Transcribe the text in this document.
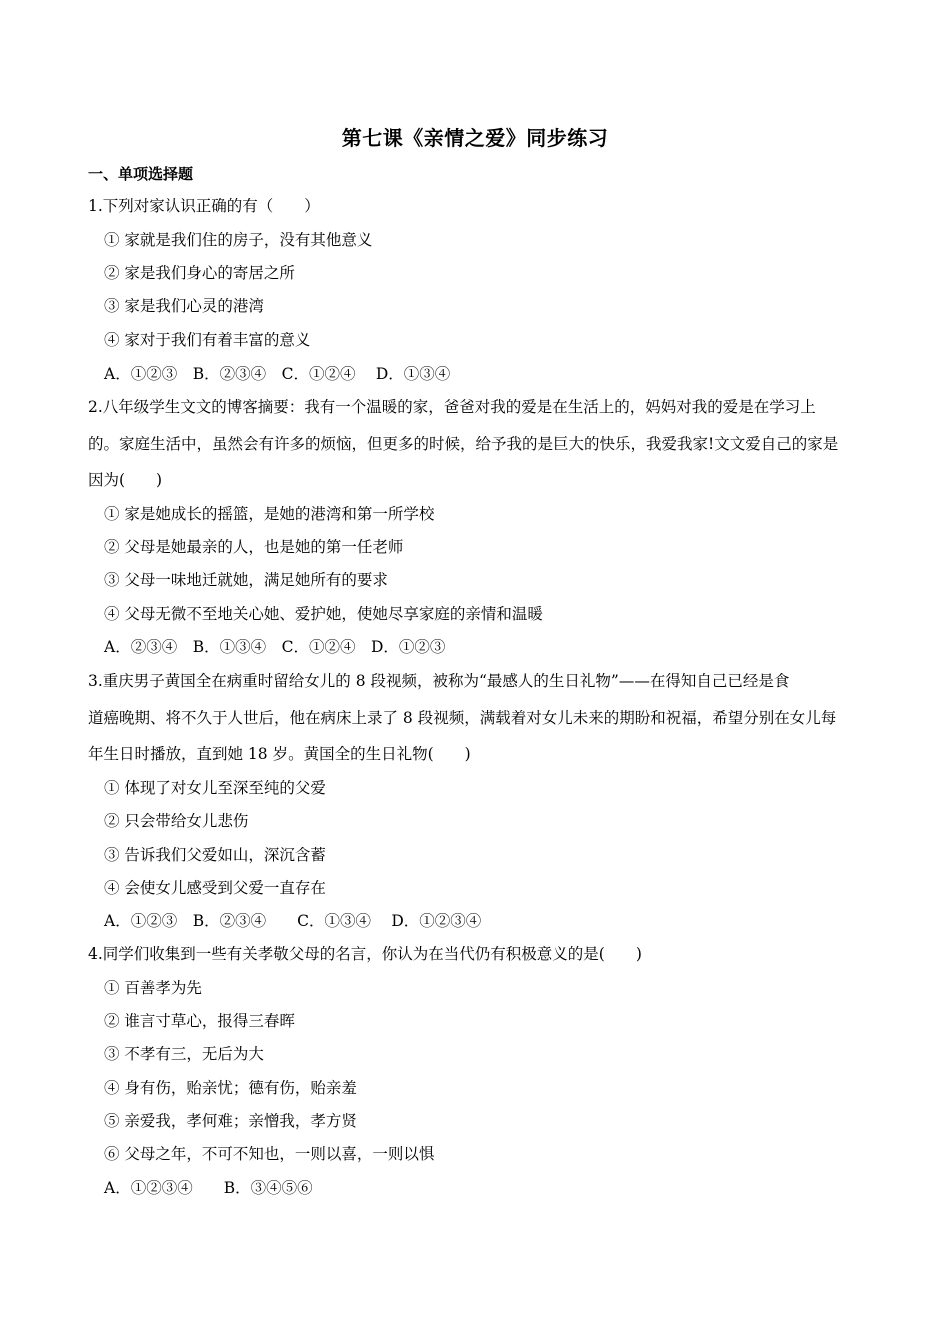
第七课《亲情之爱》同步练习
一、单项选择题
1.下列对家认识正确的有（　　）
① 家就是我们住的房子，没有其他意义
② 家是我们身心的寄居之所
③ 家是我们心灵的港湾
④ 家对于我们有着丰富的意义
A．①②③　B．②③④　C．①②④　 D．①③④
2.八年级学生文文的博客摘要：我有一个温暖的家，爸爸对我的爱是在生活上的，妈妈对我的爱是在学习上
的。家庭生活中，虽然会有许多的烦恼，但更多的时候，给予我的是巨大的快乐，我爱我家!文文爱自己的家是
因为(　　)
① 家是她成长的摇篮，是她的港湾和第一所学校
② 父母是她最亲的人，也是她的第一任老师
③ 父母一味地迁就她，满足她所有的要求
④ 父母无微不至地关心她、爱护她，使她尽享家庭的亲情和温暖
A．②③④　B．①③④　C．①②④　D．①②③
3.重庆男子黄国全在病重时留给女儿的 8 段视频，被称为“最感人的生日礼物”——在得知自己已经是食
道癌晚期、将不久于人世后，他在病床上录了 8 段视频，满载着对女儿未来的期盼和祝福，希望分别在女儿每
年生日时播放，直到她 18 岁。黄国全的生日礼物(　　)
① 体现了对女儿至深至纯的父爱
② 只会带给女儿悲伤
③ 告诉我们父爱如山，深沉含蓄
④ 会使女儿感受到父爱一直存在
A．①②③　B．②③④　　C．①③④　 D．①②③④
4.同学们收集到一些有关孝敬父母的名言，你认为在当代仍有积极意义的是(　　)
① 百善孝为先
② 谁言寸草心，报得三春晖
③ 不孝有三，无后为大
④ 身有伤，贻亲忧；德有伤，贻亲羞
⑤ 亲爱我，孝何难；亲憎我，孝方贤
⑥ 父母之年，不可不知也，一则以喜，一则以惧
A．①②③④　　B．③④⑤⑥
